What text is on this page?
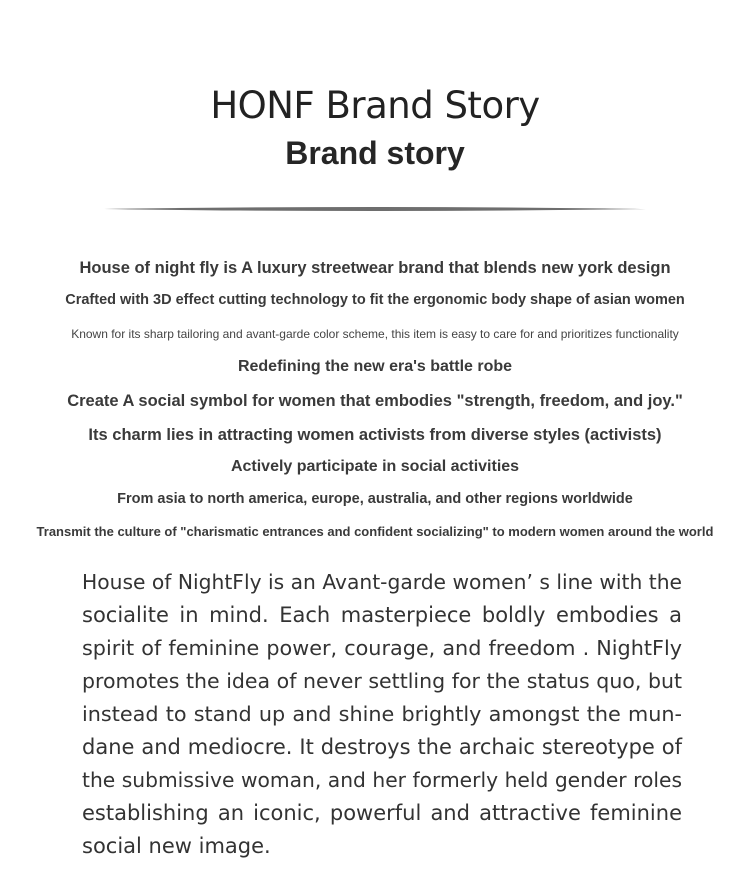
HONF Brand Story
Brand story
House of night fly is A luxury streetwear brand that blends new york design
Crafted with 3D effect cutting technology to fit the ergonomic body shape of asian women
Known for its sharp tailoring and avant-garde color scheme, this item is easy to care for and prioritizes functionality
Redefining the new era's battle robe
Create A social symbol for women that embodies "strength, freedom, and joy."
Its charm lies in attracting women activists from diverse styles (activists)
Actively participate in social activities
From asia to north america, europe, australia, and other regions worldwide
Transmit the culture of "charismatic entrances and confident socializing" to modern women around the world
House of NightFly is an Avant-garde women’ s line with the
socialite in mind. Each masterpiece boldly embodies a
spirit of feminine power, courage, and freedom . NightFly
promotes the idea of never settling for the status quo, but
instead to stand up and shine brightly amongst the mun-
dane and mediocre. It destroys the archaic stereotype of
the submissive woman, and her formerly held gender roles
establishing an iconic, powerful and attractive feminine
social new image.
